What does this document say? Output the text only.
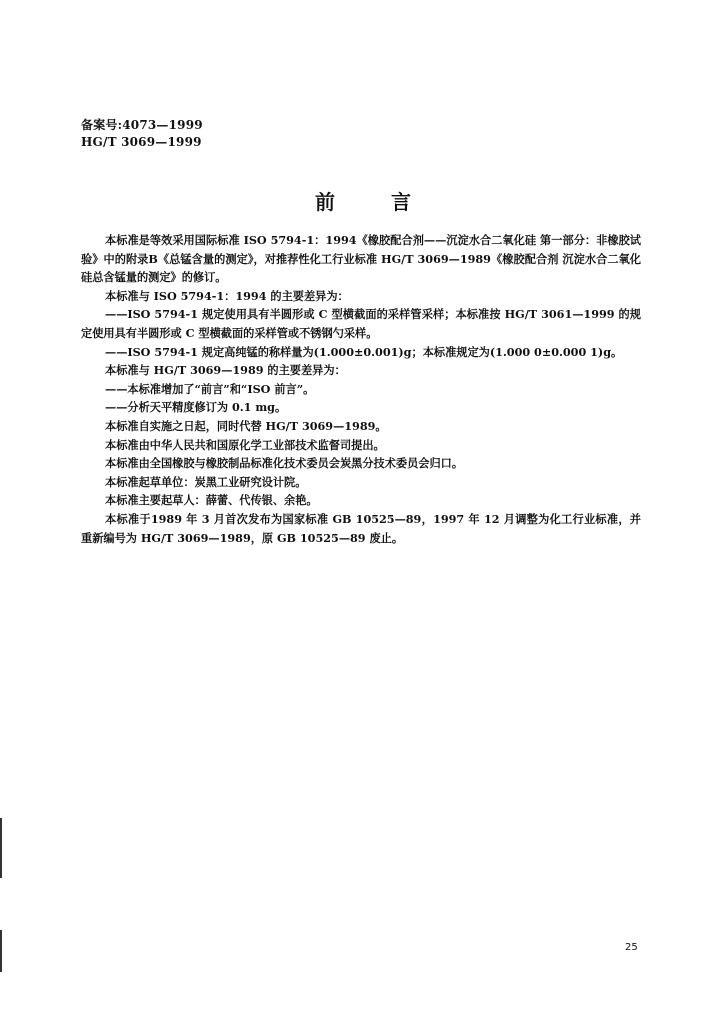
备案号:4073—1999
HG/T 3069—1999
前言

本标准是等效采用国际标准 ISO 5794-1：1994《橡胶配合剂——沉淀水合二氧化硅 第一部分：非橡胶试验》中的附录B《总锰含量的测定》，对推荐性化工行业标准 HG/T 3069—1989《橡胶配合剂 沉淀水合二氧化硅总含锰量的测定》的修订。

本标准与 ISO 5794-1：1994 的主要差异为：

——ISO 5794-1 规定使用具有半圆形或 C 型横截面的采样管采样；本标准按 HG/T 3061—1999 的规定使用具有半圆形或 C 型横截面的采样管或不锈钢勺采样。

——ISO 5794-1 规定高纯锰的称样量为(1.000±0.001)g；本标准规定为(1.000 0±0.000 1)g。

本标准与 HG/T 3069—1989 的主要差异为：

——本标准增加了“前言”和“ISO 前言”。

——分析天平精度修订为 0.1 mg。

本标准自实施之日起，同时代替 HG/T 3069—1989。

本标准由中华人民共和国原化学工业部技术监督司提出。

本标准由全国橡胶与橡胶制品标准化技术委员会炭黑分技术委员会归口。

本标准起草单位：炭黑工业研究设计院。

本标准主要起草人：薛蕾、代传银、余艳。

本标准于1989 年 3 月首次发布为国家标准 GB 10525—89，1997 年 12 月调整为化工行业标准，并重新编号为 HG/T 3069—1989，原 GB 10525—89 废止。

25
